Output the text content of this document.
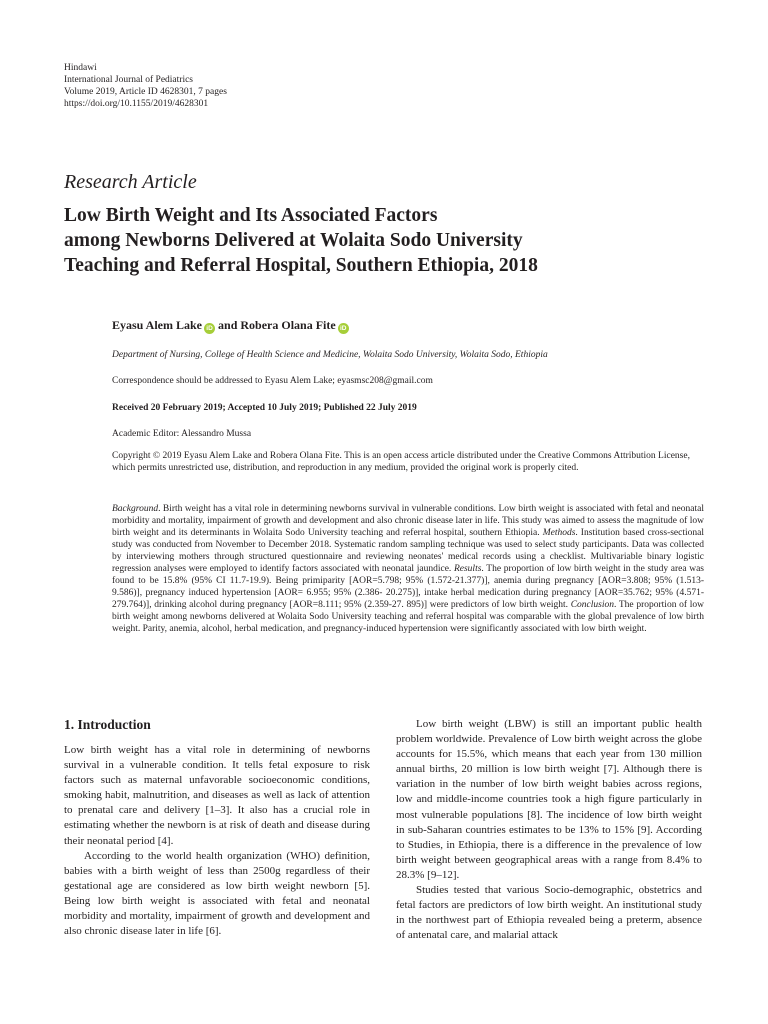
Hindawi
International Journal of Pediatrics
Volume 2019, Article ID 4628301, 7 pages
https://doi.org/10.1155/2019/4628301
Research Article
Low Birth Weight and Its Associated Factors
among Newborns Delivered at Wolaita Sodo University
Teaching and Referral Hospital, Southern Ethiopia, 2018
Eyasu Alem Lake iD and Robera Olana Fite iD
Department of Nursing, College of Health Science and Medicine, Wolaita Sodo University, Wolaita Sodo, Ethiopia
Correspondence should be addressed to Eyasu Alem Lake; eyasmsc208@gmail.com
Received 20 February 2019; Accepted 10 July 2019; Published 22 July 2019
Academic Editor: Alessandro Mussa
Copyright © 2019 Eyasu Alem Lake and Robera Olana Fite. This is an open access article distributed under the Creative Commons Attribution License, which permits unrestricted use, distribution, and reproduction in any medium, provided the original work is properly cited.
Background. Birth weight has a vital role in determining newborns survival in vulnerable conditions. Low birth weight is associated with fetal and neonatal morbidity and mortality, impairment of growth and development and also chronic disease later in life. This study was aimed to assess the magnitude of low birth weight and its determinants in Wolaita Sodo University teaching and referral hospital, southern Ethiopia. Methods. Institution based cross-sectional study was conducted from November to December 2018. Systematic random sampling technique was used to select study participants. Data was collected by interviewing mothers through structured questionnaire and reviewing neonates' medical records using a checklist. Multivariable binary logistic regression analyses were employed to identify factors associated with neonatal jaundice. Results. The proportion of low birth weight in the study area was found to be 15.8% (95% CI 11.7-19.9). Being primiparity [AOR=5.798; 95% (1.572-21.377)], anemia during pregnancy [AOR=3.808; 95% (1.513-9.586)], pregnancy induced hypertension [AOR= 6.955; 95% (2.386- 20.275)], intake herbal medication during pregnancy [AOR=35.762; 95% (4.571-279.764)], drinking alcohol during pregnancy [AOR=8.111; 95% (2.359-27. 895)] were predictors of low birth weight. Conclusion. The proportion of low birth weight among newborns delivered at Wolaita Sodo University teaching and referral hospital was comparable with the global prevalence of low birth weight. Parity, anemia, alcohol, herbal medication, and pregnancy-induced hypertension were significantly associated with low birth weight.
1. Introduction

Low birth weight has a vital role in determining of newborns survival in a vulnerable condition. It tells fetal exposure to risk factors such as maternal unfavorable socioeconomic conditions, smoking habit, malnutrition, and diseases as well as lack of attention to prenatal care and delivery [1–3]. It also has a crucial role in estimating whether the newborn is at risk of death and disease during their neonatal period [4].

According to the world health organization (WHO) definition, babies with a birth weight of less than 2500g regardless of their gestational age are considered as low birth weight newborn [5]. Being low birth weight is associated with fetal and neonatal morbidity and mortality, impairment of growth and development and also chronic disease later in life [6].

Low birth weight (LBW) is still an important public health problem worldwide. Prevalence of Low birth weight across the globe accounts for 15.5%, which means that each year from 130 million annual births, 20 million is low birth weight [7]. Although there is variation in the number of low birth weight babies across regions, low and middle-income countries took a high figure particularly in most vulnerable populations [8]. The incidence of low birth weight in sub-Saharan countries estimates to be 13% to 15% [9]. According to Studies, in Ethiopia, there is a difference in the prevalence of low birth weight between geographical areas with a range from 8.4% to 28.3% [9–12].

Studies tested that various Socio-demographic, obstetrics and fetal factors are predictors of low birth weight. An institutional study in the northwest part of Ethiopia revealed being a preterm, absence of antenatal care, and malarial attack
